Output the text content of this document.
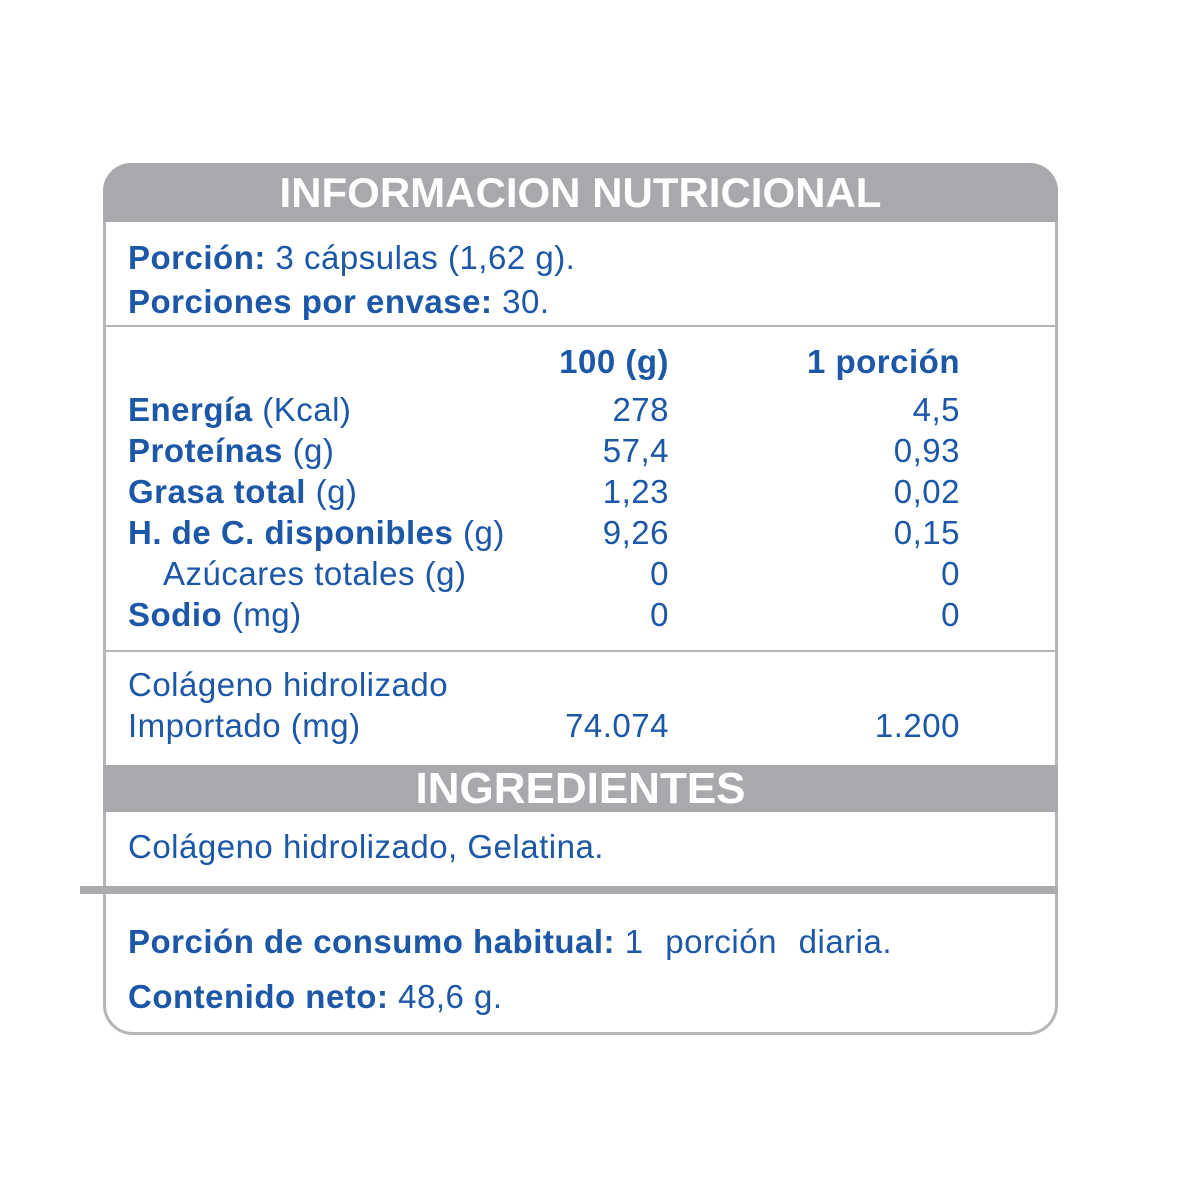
INFORMACION NUTRICIONAL
Porción: 3 cápsulas (1,62 g).
Porciones por envase: 30.
100 (g)	1 porción
Energía (Kcal)	278	4,5
Proteínas (g)	57,4	0,93
Grasa total (g)	1,23	0,02
H. de C. disponibles (g)	9,26	0,15
Azúcares totales (g)	0	0
Sodio (mg)	0	0
Colágeno hidrolizado
Importado (mg)	74.074	1.200
INGREDIENTES
Colágeno hidrolizado, Gelatina.
Porción de consumo habitual: 1 porción diaria.
Contenido neto: 48,6 g.
